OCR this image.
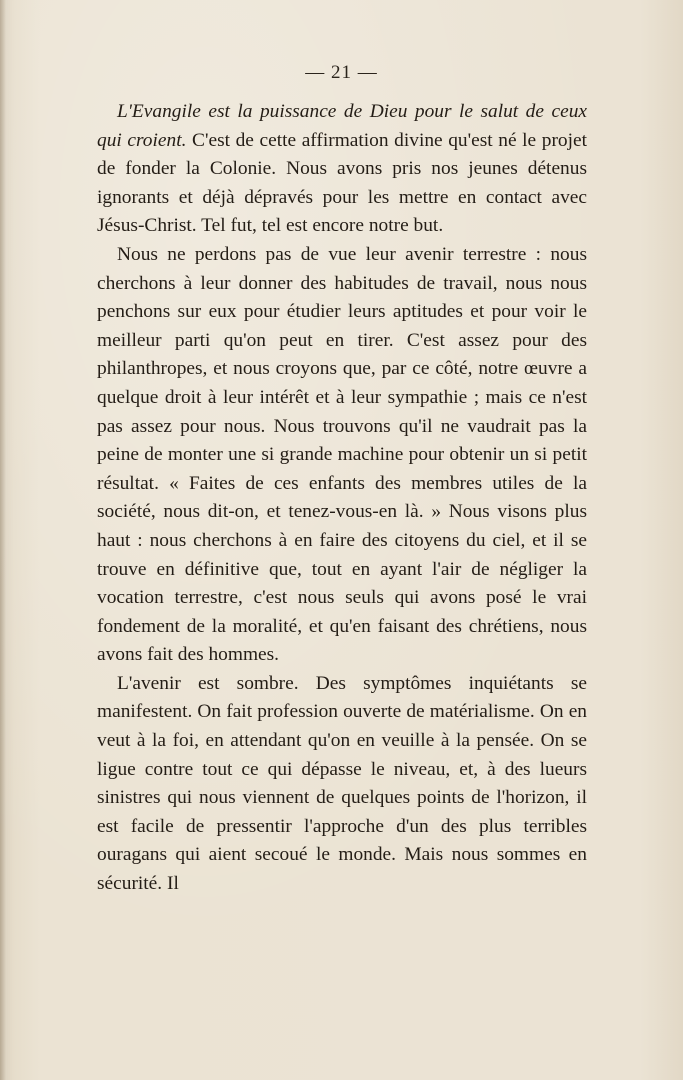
— 21 —

L'Evangile est la puissance de Dieu pour le salut de ceux qui croient. C'est de cette affirmation divine qu'est né le projet de fonder la Colonie. Nous avons pris nos jeunes détenus ignorants et déjà dépravés pour les mettre en contact avec Jésus-Christ. Tel fut, tel est encore notre but.

Nous ne perdons pas de vue leur avenir terrestre : nous cherchons à leur donner des habitudes de travail, nous nous penchons sur eux pour étudier leurs aptitudes et pour voir le meilleur parti qu'on peut en tirer. C'est assez pour des philanthropes, et nous croyons que, par ce côté, notre œuvre a quelque droit à leur intérêt et à leur sympathie ; mais ce n'est pas assez pour nous. Nous trouvons qu'il ne vaudrait pas la peine de monter une si grande machine pour obtenir un si petit résultat. « Faites de ces enfants des membres utiles de la société, nous dit-on, et tenez-vous-en là. » Nous visons plus haut : nous cherchons à en faire des citoyens du ciel, et il se trouve en définitive que, tout en ayant l'air de négliger la vocation terrestre, c'est nous seuls qui avons posé le vrai fondement de la moralité, et qu'en faisant des chrétiens, nous avons fait des hommes.

L'avenir est sombre. Des symptômes inquiétants se manifestent. On fait profession ouverte de matérialisme. On en veut à la foi, en attendant qu'on en veuille à la pensée. On se ligue contre tout ce qui dépasse le niveau, et, à des lueurs sinistres qui nous viennent de quelques points de l'horizon, il est facile de pressentir l'approche d'un des plus terribles ouragans qui aient secoué le monde. Mais nous sommes en sécurité. Il
